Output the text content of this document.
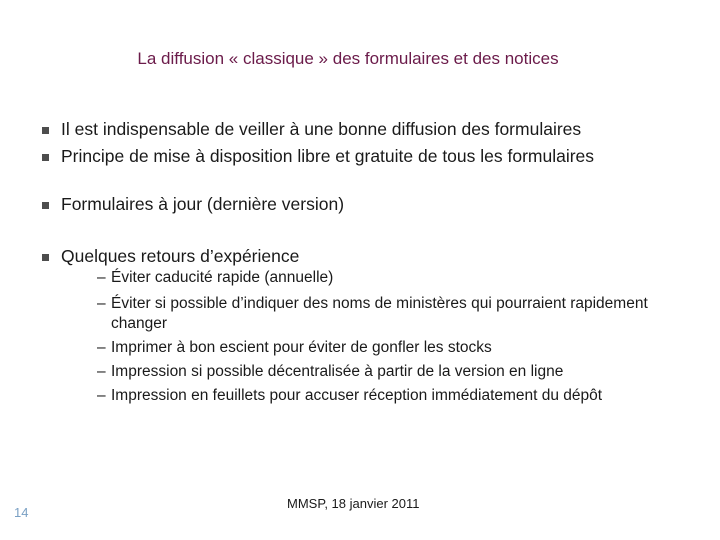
La diffusion « classique » des formulaires et des notices
Il est indispensable de veiller à une bonne diffusion des formulaires
Principe de mise à disposition libre et gratuite de tous les formulaires
Formulaires à jour (dernière version)
Quelques retours d’expérience
– Éviter caducité rapide (annuelle)
– Éviter si possible d’indiquer des noms de ministères qui pourraient rapidement changer
– Imprimer à bon escient pour éviter de gonfler les stocks
– Impression si possible décentralisée à partir de la version en ligne
– Impression en feuillets pour accuser réception immédiatement du dépôt
14
MMSP, 18 janvier 2011
